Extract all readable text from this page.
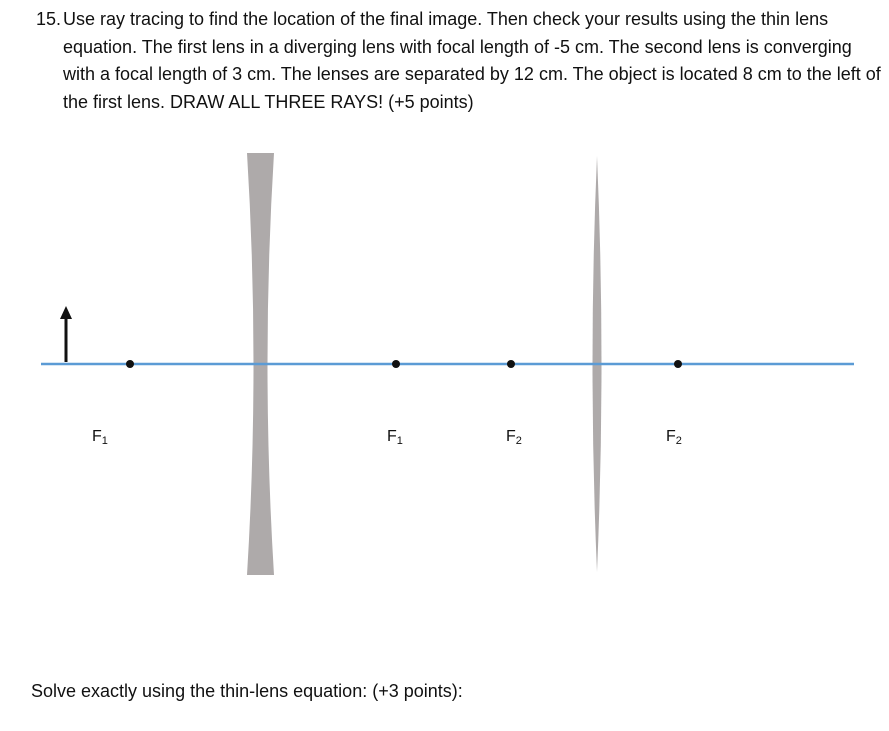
15. Use ray tracing to find the location of the final image. Then check your results using the thin lens equation. The first lens in a diverging lens with focal length of -5 cm. The second lens is converging with a focal length of 3 cm. The lenses are separated by 12 cm. The object is located 8 cm to the left of the first lens. DRAW ALL THREE RAYS! (+5 points)
F1	F1	F2	F2
Solve exactly using the thin-lens equation: (+3 points):
